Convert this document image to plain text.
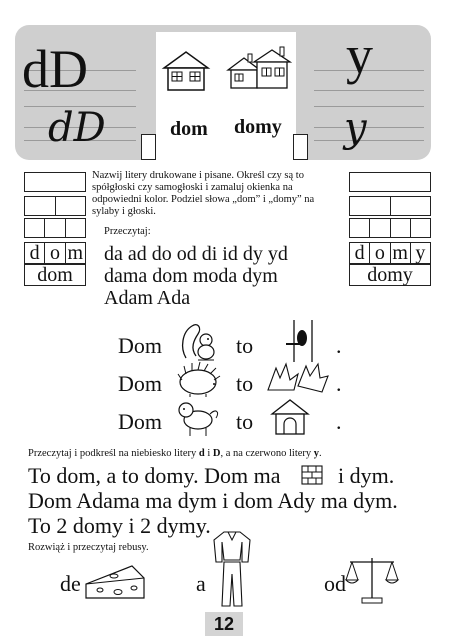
dD
dD	dom domy
y
y
d o m
dom
Nazwij litery drukowane i pisane. Określ czy są to spółgłoski czy samogłoski i zamaluj okienka na odpowiedni kolor. Podziel słowa „dom” i „domy” na sylaby i głoski.
Przeczytaj:
da ad do od di id dy yd
dama dom moda dym
Adam Ada
d o m y
domy
Dom	to	.
Dom	to	.
Dom	to	.
Przeczytaj i podkreśl na niebiesko litery d i D, a na czerwono litery y.
To dom, a to domy. Dom ma	i dym.
Dom Adama ma dym i dom Ady ma dym.
To 2 domy i 2 dymy.
Rozwiąż i przeczytaj rebusy.
de	a	od
12
